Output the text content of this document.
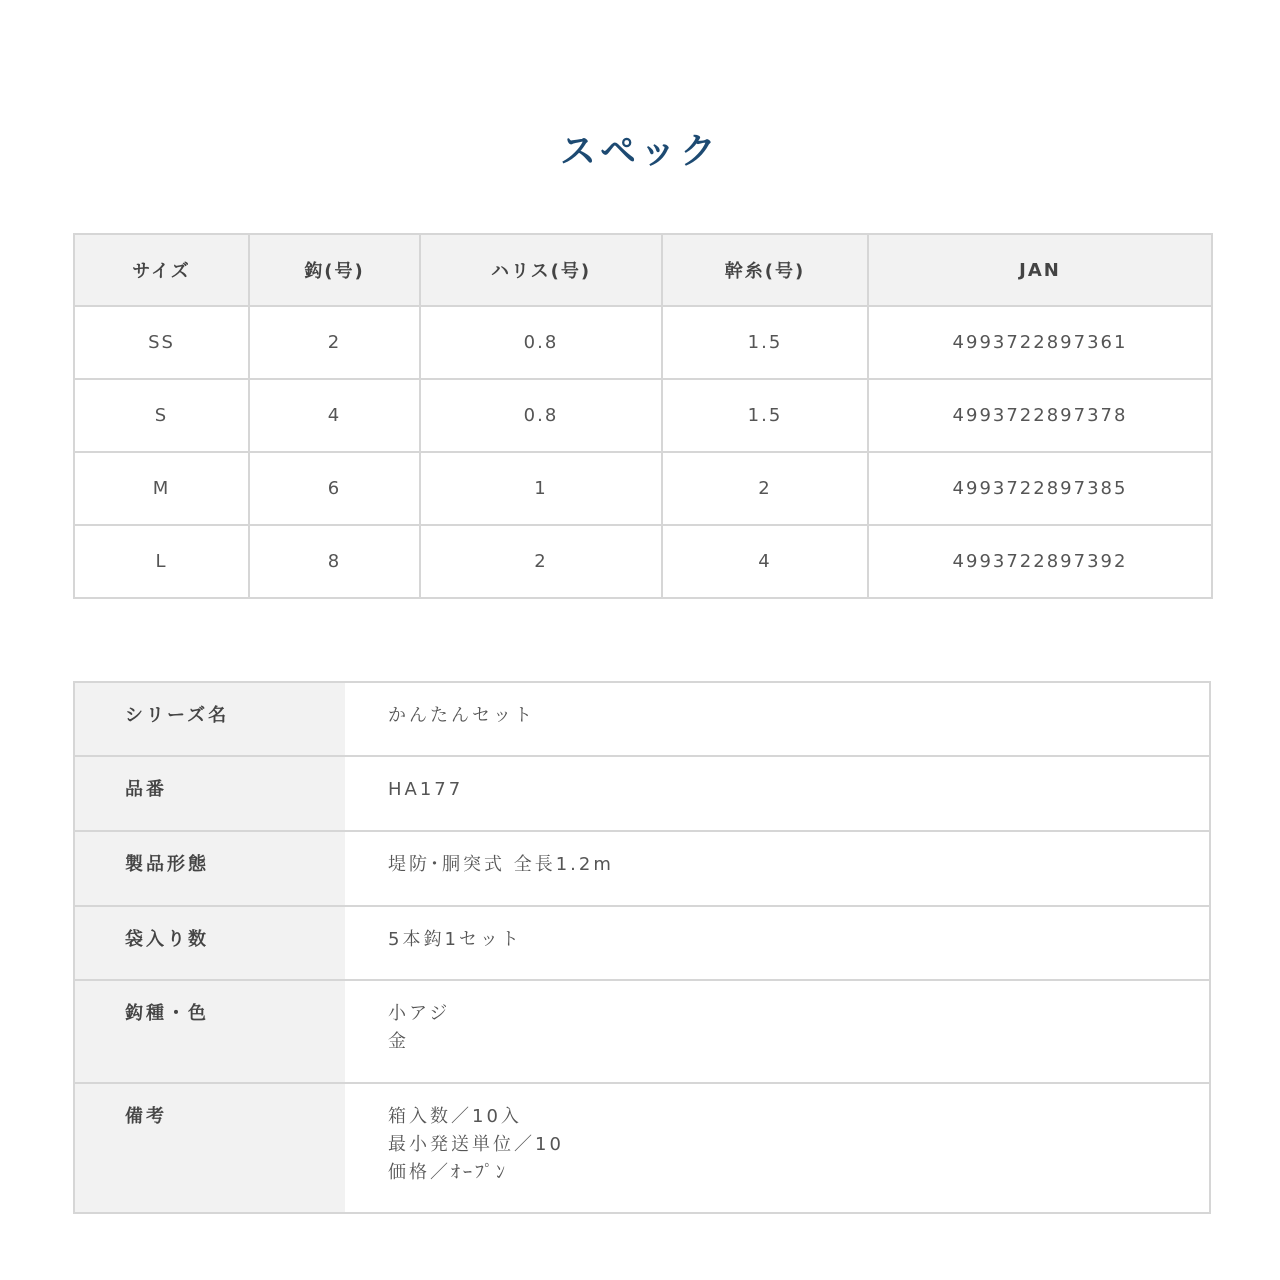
スペック
サイズ	鈎(号)	ハリス(号)	幹糸(号)	JAN
SS	2	0.8	1.5	4993722897361
S	4	0.8	1.5	4993722897378
M	6	1	2	4993722897385
L	8	2	4	4993722897392
シリーズ名	かんたんセット

品番	HA177

製品形態	堤防･胴突式 全長1.2m

袋入り数	5本鈎1セット

鈎種・色	小アジ
金

備考	箱入数／10入
最小発送単位／10
価格／ｵｰﾌﾟﾝ
